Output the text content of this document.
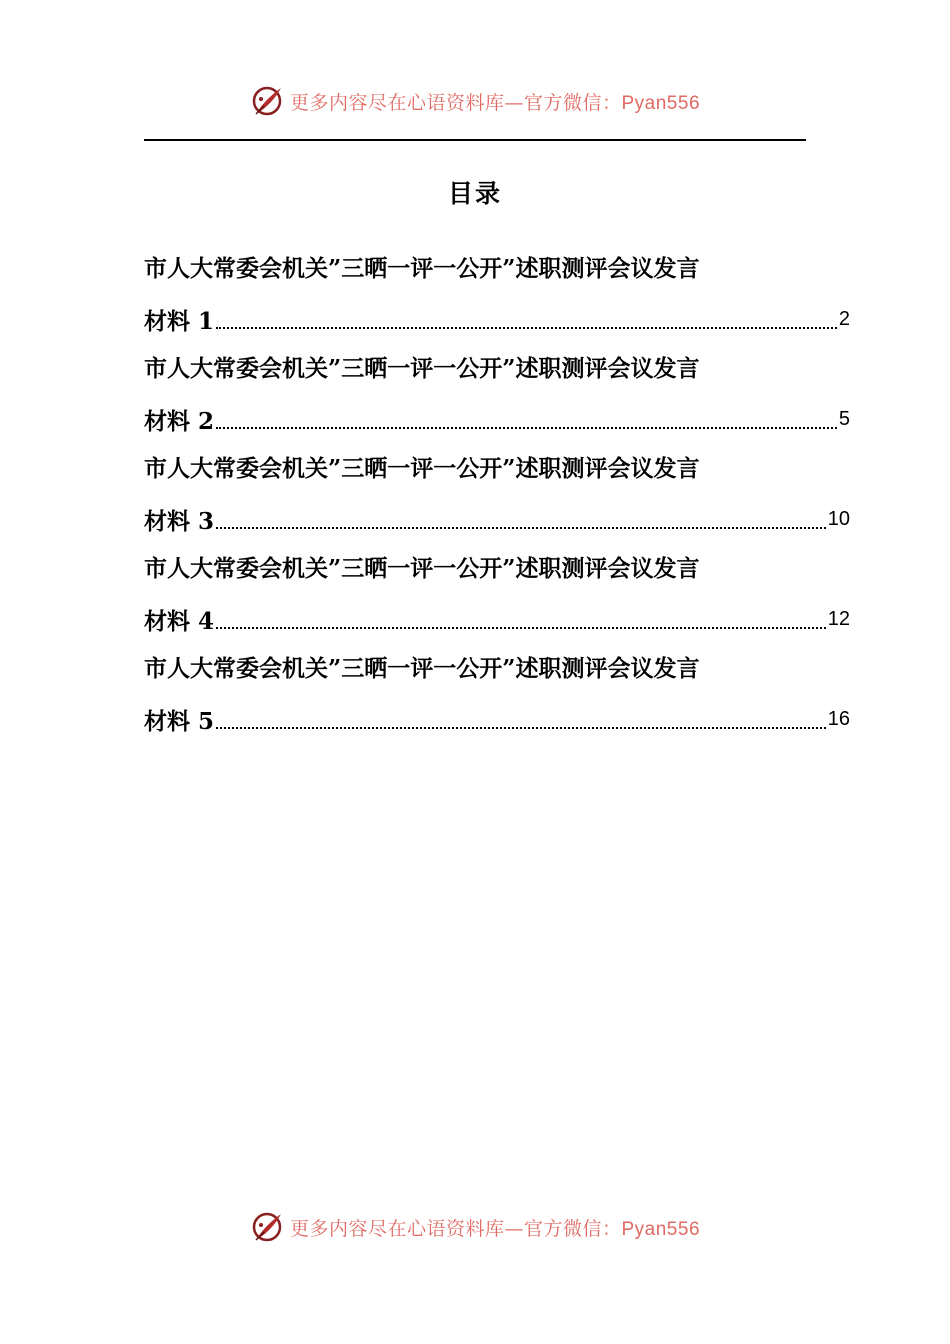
更多内容尽在心语资料库—官方微信：Pyan556
目录
市人大常委会机关”三晒一评一公开”述职测评会议发言
材料 1	2
市人大常委会机关”三晒一评一公开”述职测评会议发言
材料 2	5
市人大常委会机关”三晒一评一公开”述职测评会议发言
材料 3	10
市人大常委会机关”三晒一评一公开”述职测评会议发言
材料 4	12
市人大常委会机关”三晒一评一公开”述职测评会议发言
材料 5	16
更多内容尽在心语资料库—官方微信：Pyan556
